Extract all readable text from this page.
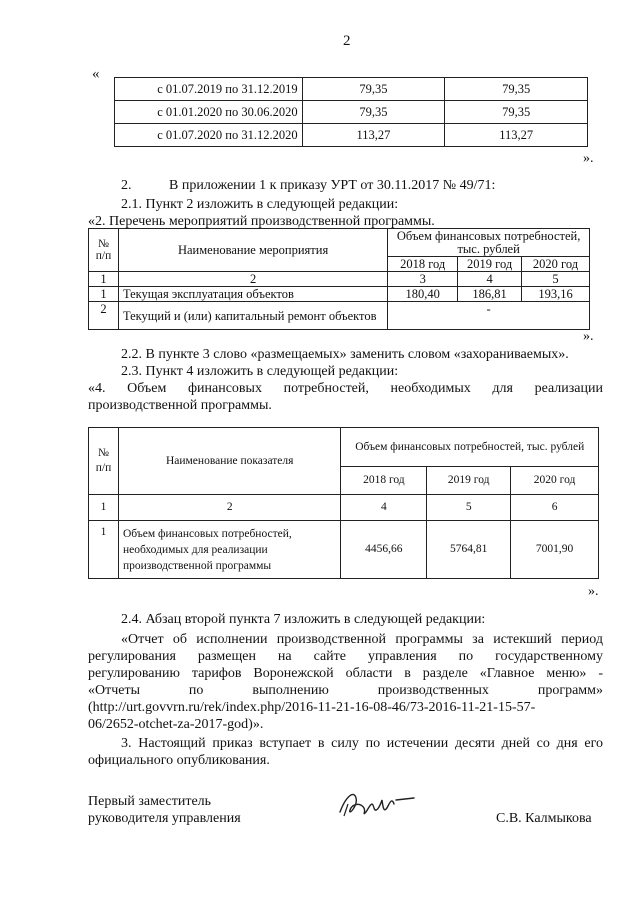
2
«
с 01.07.2019 по 31.12.2019	79,35	79,35
с 01.01.2020 по 30.06.2020	79,35	79,35
с 01.07.2020 по 31.12.2020	113,27	113,27
».
2.	В приложении 1 к приказу УРТ от 30.11.2017 № 49/71:
2.1. Пункт 2 изложить в следующей редакции:
«2. Перечень мероприятий производственной программы.
№ п/п	Наименование мероприятия	Объем финансовых потребностей, тыс. рублей		
		2018 год	2019 год	2020 год
1	2	3	4	5
1	Текущая эксплуатация объектов	180,40	186,81	193,16
2	Текущий и (или) капитальный ремонт объектов	-		
».
2.2. В пункте 3 слово «размещаемых» заменить словом «захораниваемых».
2.3. Пункт 4 изложить в следующей редакции:
«4. Объем финансовых потребностей, необходимых для реализации
производственной программы.
№ п/п	Наименование показателя	Объем финансовых потребностей, тыс. рублей		
		2018 год	2019 год	2020 год
1	2	4	5	6
1	Объем финансовых потребностей, необходимых для реализации производственной программы	4456,66	5764,81	7001,90
».
2.4. Абзац второй пункта 7 изложить в следующей редакции:
«Отчет об исполнении производственной программы за истекший период
регулирования размещен на сайте управления по государственному
регулированию тарифов Воронежской области в разделе «Главное меню» -
«Отчеты по выполнению производственных программ»
(http://urt.govvrn.ru/rek/index.php/2016-11-21-16-08-46/73-2016-11-21-15-57-
06/2652-otchet-za-2017-god)».
3. Настоящий приказ вступает в силу по истечении десяти дней со дня его
официального опубликования.
Первый заместитель
руководителя управления	С.В. Калмыкова
